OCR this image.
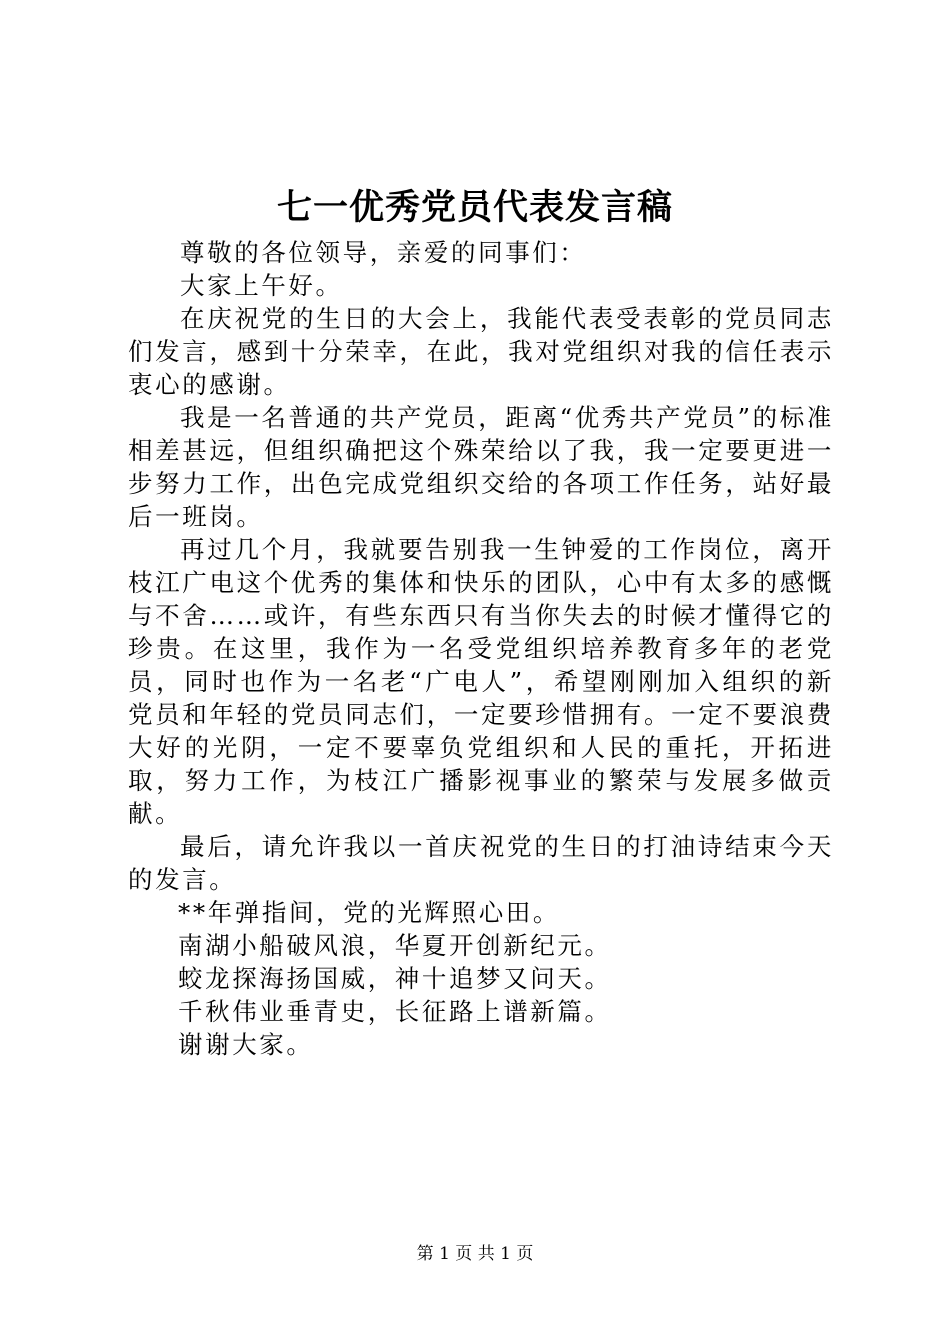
七一优秀党员代表发言稿

尊敬的各位领导，亲爱的同事们：

大家上午好。

在庆祝党的生日的大会上，我能代表受表彰的党员同志们发言，感到十分荣幸，在此，我对党组织对我的信任表示衷心的感谢。

我是一名普通的共产党员，距离“优秀共产党员”的标准相差甚远，但组织确把这个殊荣给以了我，我一定要更进一步努力工作，出色完成党组织交给的各项工作任务，站好最后一班岗。

再过几个月，我就要告别我一生钟爱的工作岗位，离开枝江广电这个优秀的集体和快乐的团队，心中有太多的感慨与不舍……或许，有些东西只有当你失去的时候才懂得它的珍贵。在这里，我作为一名受党组织培养教育多年的老党员，同时也作为一名老“广电人”，希望刚刚加入组织的新党员和年轻的党员同志们，一定要珍惜拥有。一定不要浪费大好的光阴，一定不要辜负党组织和人民的重托，开拓进取，努力工作，为枝江广播影视事业的繁荣与发展多做贡献。

最后，请允许我以一首庆祝党的生日的打油诗结束今天的发言。

**年弹指间，党的光辉照心田。

南湖小船破风浪，华夏开创新纪元。

蛟龙探海扬国威，神十追梦又问天。

千秋伟业垂青史，长征路上谱新篇。

谢谢大家。

第 1 页 共 1 页
